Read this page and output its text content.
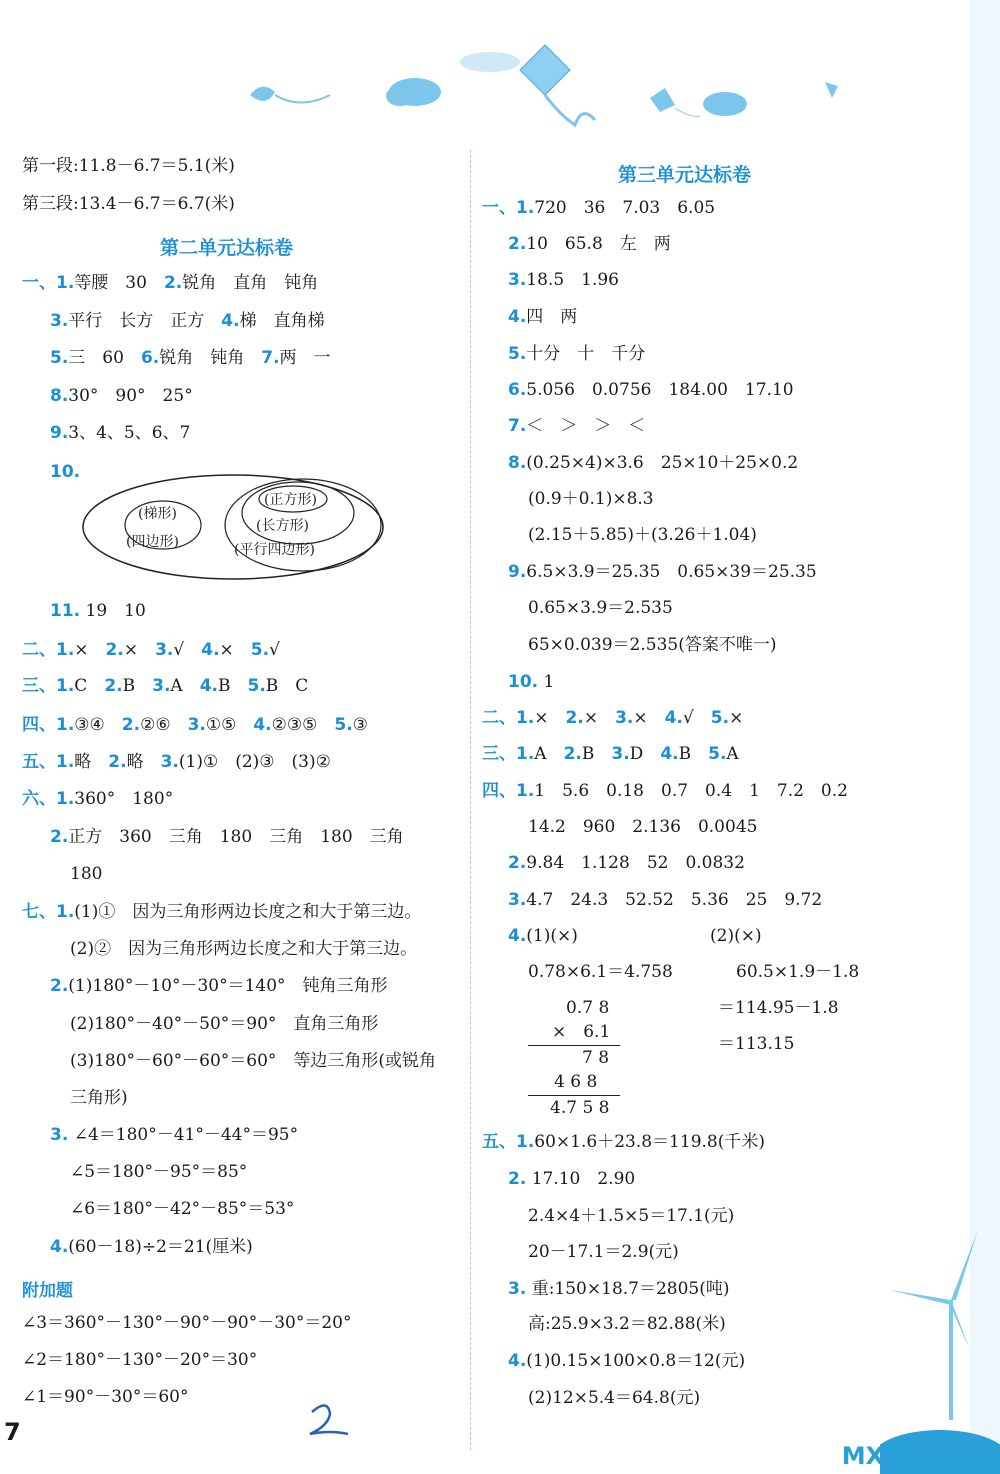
第一段:11.8－6.7＝5.1(米)
第三段:13.4－6.7＝6.7(米)
第二单元达标卷
一、1.等腰　30　2.锐角　直角　钝角
3.平行　长方　正方　4.梯　直角梯
5.三　60　6.锐角　钝角　7.两　一
8.30°　90°　25°
9.3、4、5、6、7
10.
(梯形)
(四边形)
(正方形)
(长方形)
(平行四边形)
11. 19　10
二、1.×　 2.×　 3.√　 4.×　 5.√
三、1.C　 2.B　3.A　4.B　5.B　C
四、1.③④　 2.②⑥　3.①⑤　4.②③⑤　5.③
五、1.略　 2.略　3.(1)①　(2)③　(3)②
六、1.360°　180°
2.正方　360　三角　180　三角　180　三角
180
七、1.(1)①　因为三角形两边长度之和大于第三边。
(2)②　因为三角形两边长度之和大于第三边。
2.(1)180°－10°－30°＝140°　钝角三角形
(2)180°－40°－50°＝90°　直角三角形
(3)180°－60°－60°＝60°　等边三角形(或锐角
三角形)
3. ∠4＝180°－41°－44°＝95°
∠5＝180°－95°＝85°
∠6＝180°－42°－85°＝53°
4.(60－18)÷2＝21(厘米)
附加题
∠3＝360°－130°－90°－90°－30°＝20°
∠2＝180°－130°－20°＝30°
∠1＝90°－30°＝60°
第三单元达标卷
一、1.720　36　7.03　6.05
2.10　65.8　左　两
3.18.5　1.96
4.四　两
5.十分　十　千分
6.5.056　0.0756　184.00　17.10
7.＜　＞　＞　＜
8.(0.25×4)×3.6　25×10＋25×0.2
(0.9＋0.1)×8.3
(2.15＋5.85)＋(3.26＋1.04)
9.6.5×3.9＝25.35　0.65×39＝25.35
0.65×3.9＝2.535
65×0.039＝2.535(答案不唯一)
10. 1
二、1.×　 2.×　 3.×　 4.√　 5.×
三、1.A　 2.B　 3.D　 4.B　 5.A
四、1.1　5.6　0.18　0.7　0.4　1　7.2　0.2
14.2　960　2.136　0.0045
2.9.84　1.128　52　0.0832
3.4.7　24.3　52.52　5.36　25　9.72
4.(1)(×)	(2)(×)
0.78×6.1＝4.758	60.5×1.9－1.8
0.7 8
×　6.1
7 8
4 6 8
4.7 5 8
＝114.95－1.8
＝113.15
五、1.60×1.6＋23.8＝119.8(千米)
2. 17.10　2.90
2.4×4＋1.5×5＝17.1(元)
20－17.1＝2.9(元)
3. 重:150×18.7＝2805(吨)
高:25.9×3.2＝82.88(米)
4.(1)0.15×100×0.8＝12(元)
(2)12×5.4＝64.8(元)
7
MXQE.COM
